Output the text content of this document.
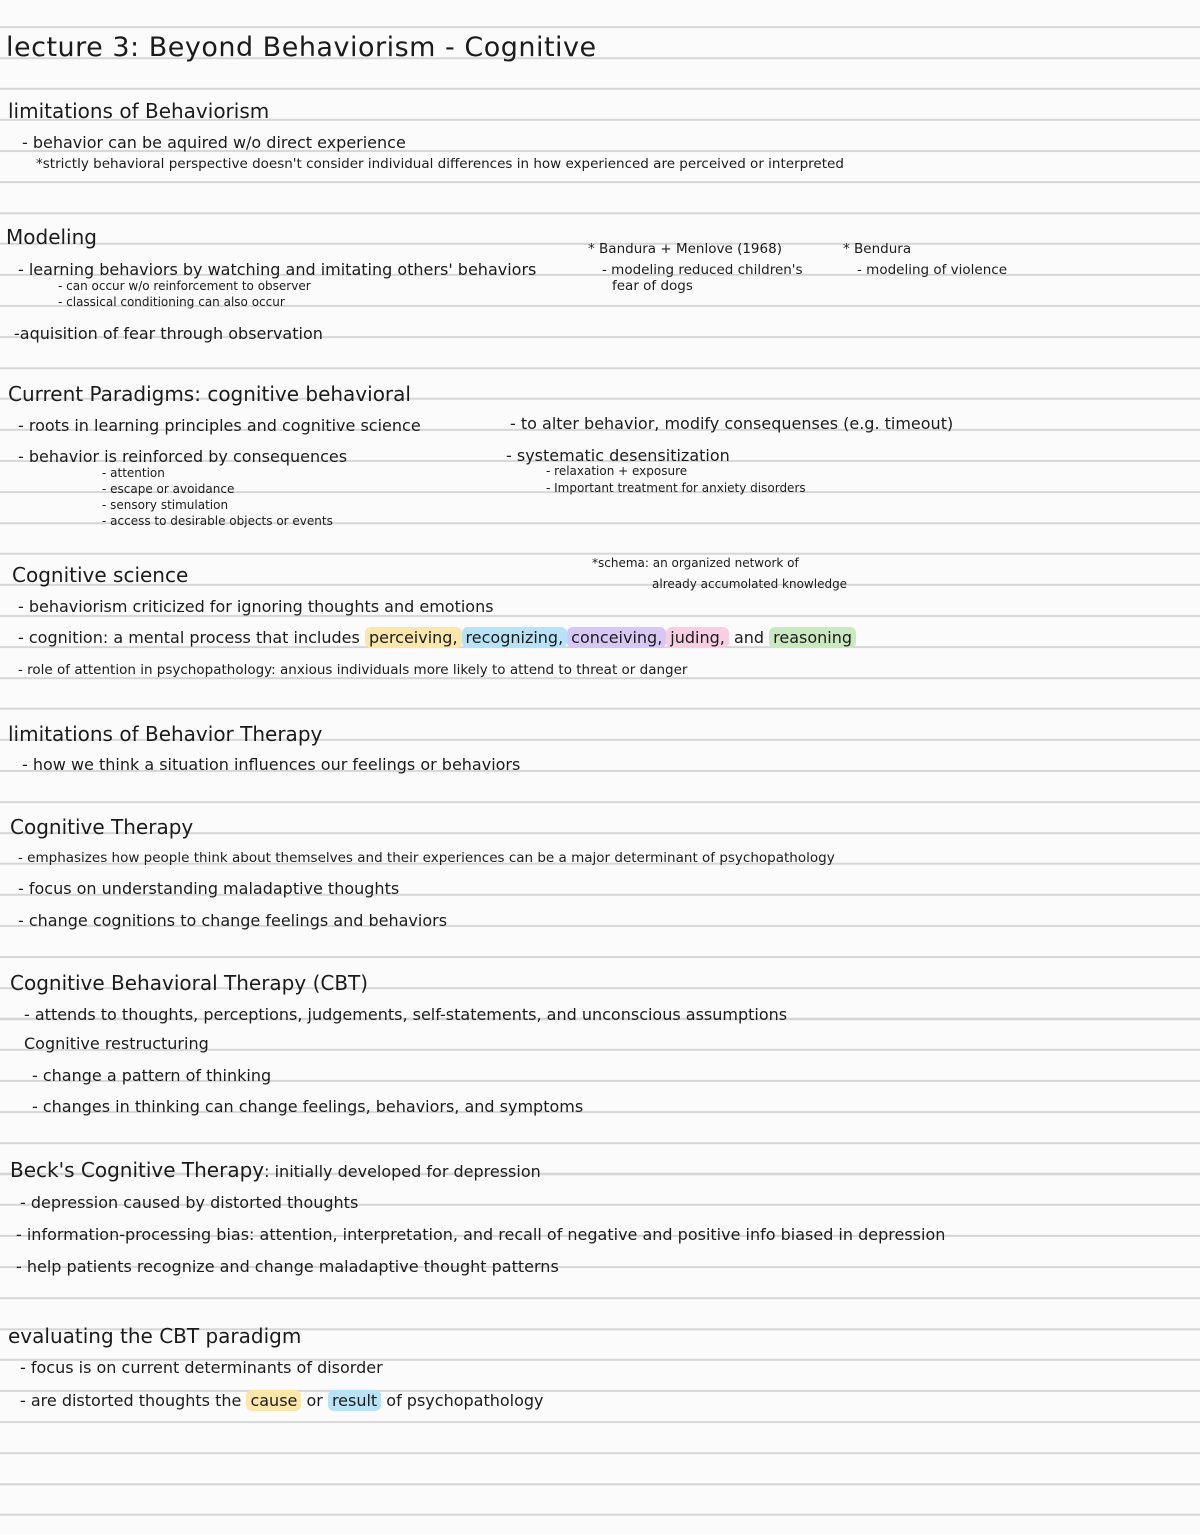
lecture 3: Beyond Behaviorism - Cognitive
limitations of Behaviorism
- behavior can be aquired w/o direct experience
*strictly behavioral perspective doesn't consider individual differences in how experienced are perceived or interpreted
Modeling
- learning behaviors by watching and imitating others' behaviors
- can occur w/o reinforcement to observer
- classical conditioning can also occur
-aquisition of fear through observation
* Bandura + Menlove (1968)
- modeling reduced children's
fear of dogs
* Bendura
- modeling of violence
Current Paradigms: cognitive behavioral
- roots in learning principles and cognitive science
- behavior is reinforced by consequences
- attention
- escape or avoidance
- sensory stimulation
- access to desirable objects or events
- to alter behavior, modify consequenses (e.g. timeout)
- systematic desensitization
- relaxation + exposure
- Important treatment for anxiety disorders
Cognitive science	*schema: an organized network of
already accumolated knowledge
- behaviorism criticized for ignoring thoughts and emotions
- cognition: a mental process that includes perceiving, recognizing, conceiving, juding, and reasoning
- role of attention in psychopathology: anxious individuals more likely to attend to threat or danger
limitations of Behavior Therapy
- how we think a situation influences our feelings or behaviors
Cognitive Therapy
- emphasizes how people think about themselves and their experiences can be a major determinant of psychopathology
- focus on understanding maladaptive thoughts
- change cognitions to change feelings and behaviors
Cognitive Behavioral Therapy (CBT)
- attends to thoughts, perceptions, judgements, self-statements, and unconscious assumptions
Cognitive restructuring
- change a pattern of thinking
- changes in thinking can change feelings, behaviors, and symptoms
Beck's Cognitive Therapy: initially developed for depression
- depression caused by distorted thoughts
- information-processing bias: attention, interpretation, and recall of negative and positive info biased in depression
- help patients recognize and change maladaptive thought patterns
evaluating the CBT paradigm
- focus is on current determinants of disorder
- are distorted thoughts the cause or result of psychopathology
